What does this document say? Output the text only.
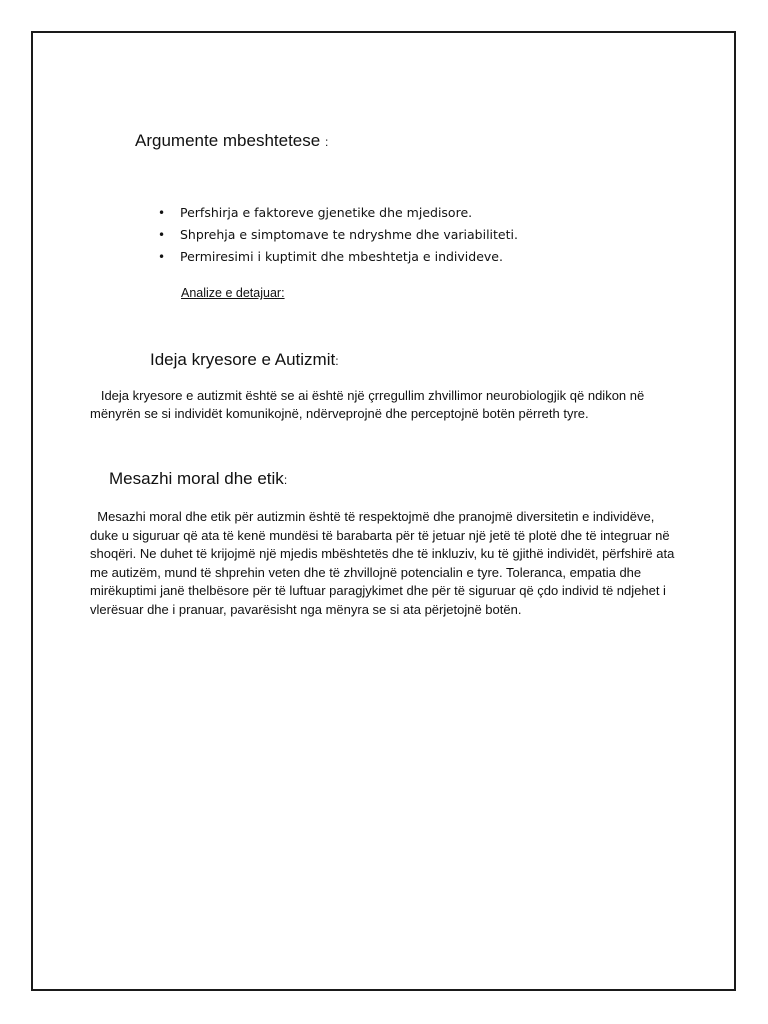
Argumente mbeshtetese :
• Perfshirja e faktoreve gjenetike dhe mjedisore.
• Shprehja e simptomave te ndryshme dhe variabiliteti.
• Permiresimi i kuptimit dhe mbeshtetja e individeve.
Analize e detajuar:
Ideja kryesore e Autizmit:

Ideja kryesore e autizmit është se ai është një çrregullim zhvillimor neurobiologjik që ndikon në mënyrën se si individët komunikojnë, ndërveprojnë dhe perceptojnë botën përreth tyre.

Mesazhi moral dhe etik:

Mesazhi moral dhe etik për autizmin është të respektojmë dhe pranojmë diversitetin e individëve, duke u siguruar që ata të kenë mundësi të barabarta për të jetuar një jetë të plotë dhe të integruar në shoqëri. Ne duhet të krijojmë një mjedis mbështetës dhe të inkluziv, ku të gjithë individët, përfshirë ata me autizëm, mund të shprehin veten dhe të zhvillojnë potencialin e tyre. Toleranca, empatia dhe mirëkuptimi janë thelbësore për të luftuar paragjykimet dhe për të siguruar që çdo individ të ndjehet i vlerësuar dhe i pranuar, pavarësisht nga mënyra se si ata përjetojnë botën.
